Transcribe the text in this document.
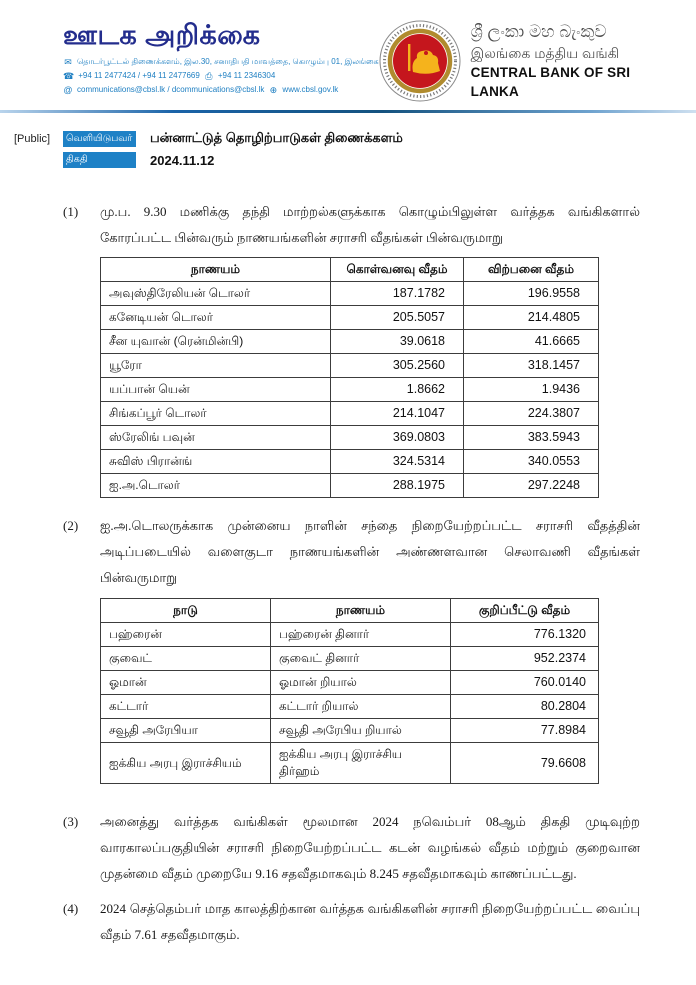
ஊடக அறிக்கை
✉ தொடர்பூட்டல் திணைக்களம், இல.30, சனாதிபதி மாவத்தை, கொழும்பு 01, இலங்கை
☎ +94 11 2477424 / +94 11 2477669 ⎙ +94 11 2346304
@ communications@cbsl.lk / dcommunications@cbsl.lk ⊕ www.cbsl.gov.lk
ශ්‍රී ලංකා මහ බැංකුව
இலங்கை மத்திய வங்கி
CENTRAL BANK OF SRI LANKA
[Public]	வெளியிடுபவர் பன்னாட்டுத் தொழிற்பாடுகள் திணைக்களம்
திகதி	2024.11.12
(1)	மு.ப. 9.30 மணிக்கு தந்தி மாற்றல்களுக்காக கொழும்பிலுள்ள வர்த்தக வங்கிகளால் கோரப்பட்ட பின்வரும் நாணயங்களின் சராசரி வீதங்கள் பின்வருமாறு
நாணயம்	கொள்வனவு வீதம்	விற்பனை வீதம்
அவுஸ்திரேலியன் டொலர்	187.1782	196.9558
கனேடியன் டொலர்	205.5057	214.4805
சீன யுவான் (ரென்மின்பி)	39.0618	41.6665
யூரோ	305.2560	318.1457
யப்பான் யென்	1.8662	1.9436
சிங்கப்பூர் டொலர்	214.1047	224.3807
ஸ்ரேலிங் பவுன்	369.0803	383.5943
சுவிஸ் பிரான்ங்	324.5314	340.0553
ஐ.அ.டொலர்	288.1975	297.2248
(2)	ஐ.அ.டொலருக்காக முன்னைய நாளின் சந்தை நிறையேற்றப்பட்ட சராசரி வீதத்தின் அடிப்படையில் வளைகுடா நாணயங்களின் அண்ணளவான செலாவணி வீதங்கள் பின்வருமாறு
நாடு	நாணயம்	குறிப்பீட்டு வீதம்
பஹ்ரைன்	பஹ்ரைன் தினார்	776.1320
குவைட்	குவைட் தினார்	952.2374
ஓமான்	ஓமான் றியால்	760.0140
கட்டார்	கட்டார் றியால்	80.2804
சவூதி அரேபியா	சவூதி அரேபிய றியால்	77.8984
ஐக்கிய அரபு இராச்சியம்	ஐக்கிய அரபு இராச்சிய திர்ஹம்	79.6608
(3)	அனைத்து வர்த்தக வங்கிகள் மூலமான 2024 நவெம்பர் 08ஆம் திகதி முடிவுற்ற வாரகாலப்பகுதியின் சராசரி நிறையேற்றப்பட்ட கடன் வழங்கல் வீதம் மற்றும் குறைவான முதன்மை வீதம் முறையே 9.16 சதவீதமாகவும் 8.245 சதவீதமாகவும் காணப்பட்டது.
(4)	2024 செத்தெம்பர் மாத காலத்திற்கான வர்த்தக வங்கிகளின் சராசரி நிறையேற்றப்பட்ட வைப்பு வீதம் 7.61 சதவீதமாகும்.
